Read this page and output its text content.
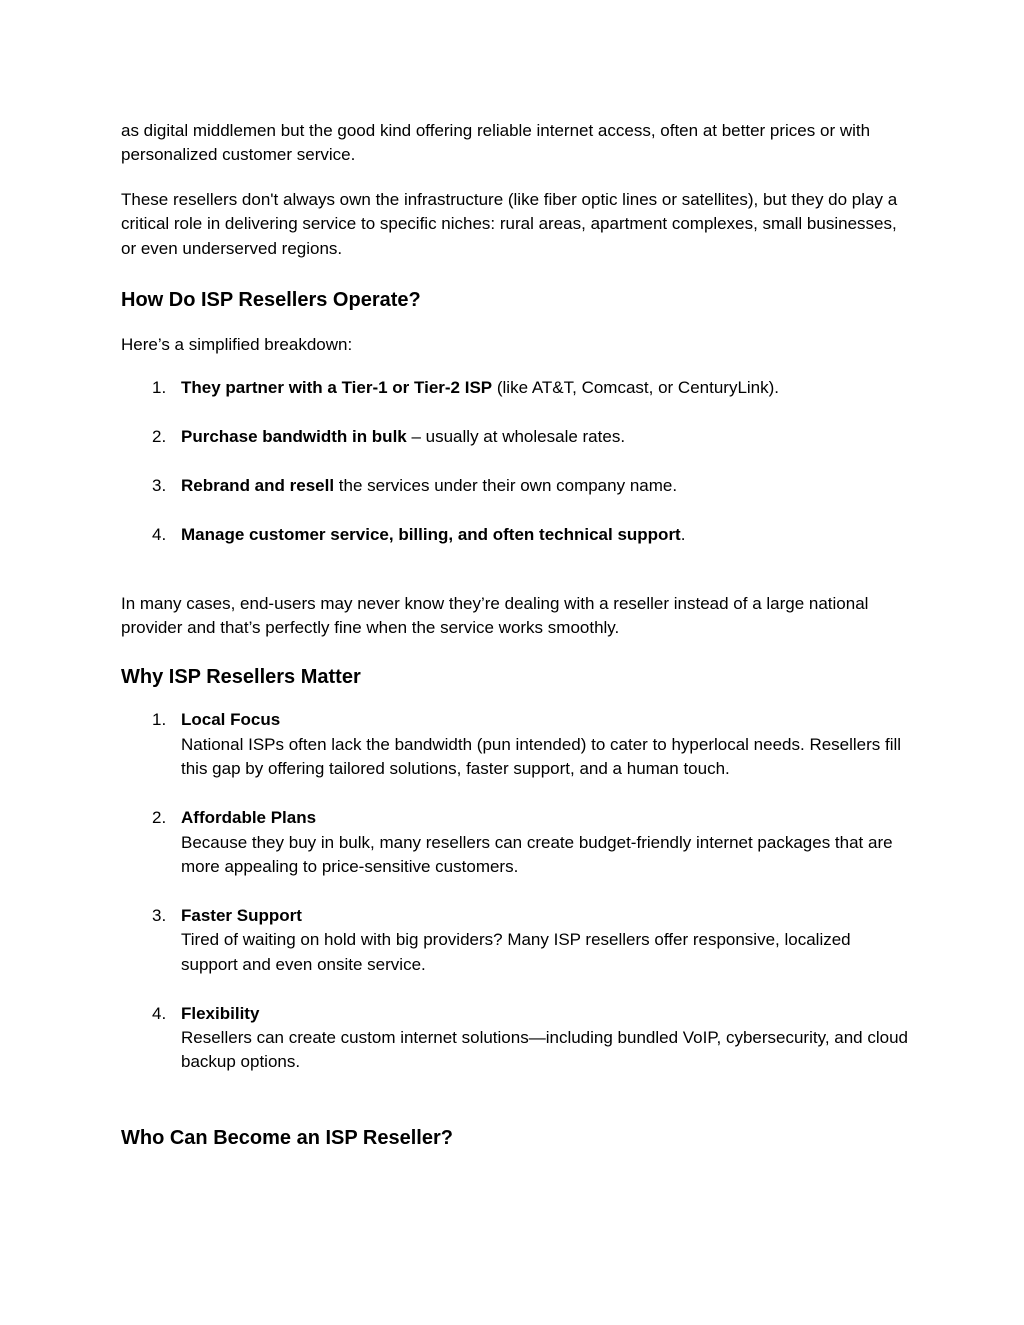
as digital middlemen but the good kind offering reliable internet access, often at better prices or with personalized customer service.

These resellers don't always own the infrastructure (like fiber optic lines or satellites), but they do play a critical role in delivering service to specific niches: rural areas, apartment complexes, small businesses, or even underserved regions.

How Do ISP Resellers Operate?

Here’s a simplified breakdown:

1. They partner with a Tier-1 or Tier-2 ISP (like AT&T, Comcast, or CenturyLink).
2. Purchase bandwidth in bulk – usually at wholesale rates.
3. Rebrand and resell the services under their own company name.
4. Manage customer service, billing, and often technical support.

In many cases, end-users may never know they’re dealing with a reseller instead of a large national provider and that’s perfectly fine when the service works smoothly.

Why ISP Resellers Matter
1. Local Focus
National ISPs often lack the bandwidth (pun intended) to cater to hyperlocal needs. Resellers fill this gap by offering tailored solutions, faster support, and a human touch.
2. Affordable Plans
Because they buy in bulk, many resellers can create budget-friendly internet packages that are more appealing to price-sensitive customers.
3. Faster Support
Tired of waiting on hold with big providers? Many ISP resellers offer responsive, localized support and even onsite service.
4. Flexibility
Resellers can create custom internet solutions—including bundled VoIP, cybersecurity, and cloud backup options.
Who Can Become an ISP Reseller?
